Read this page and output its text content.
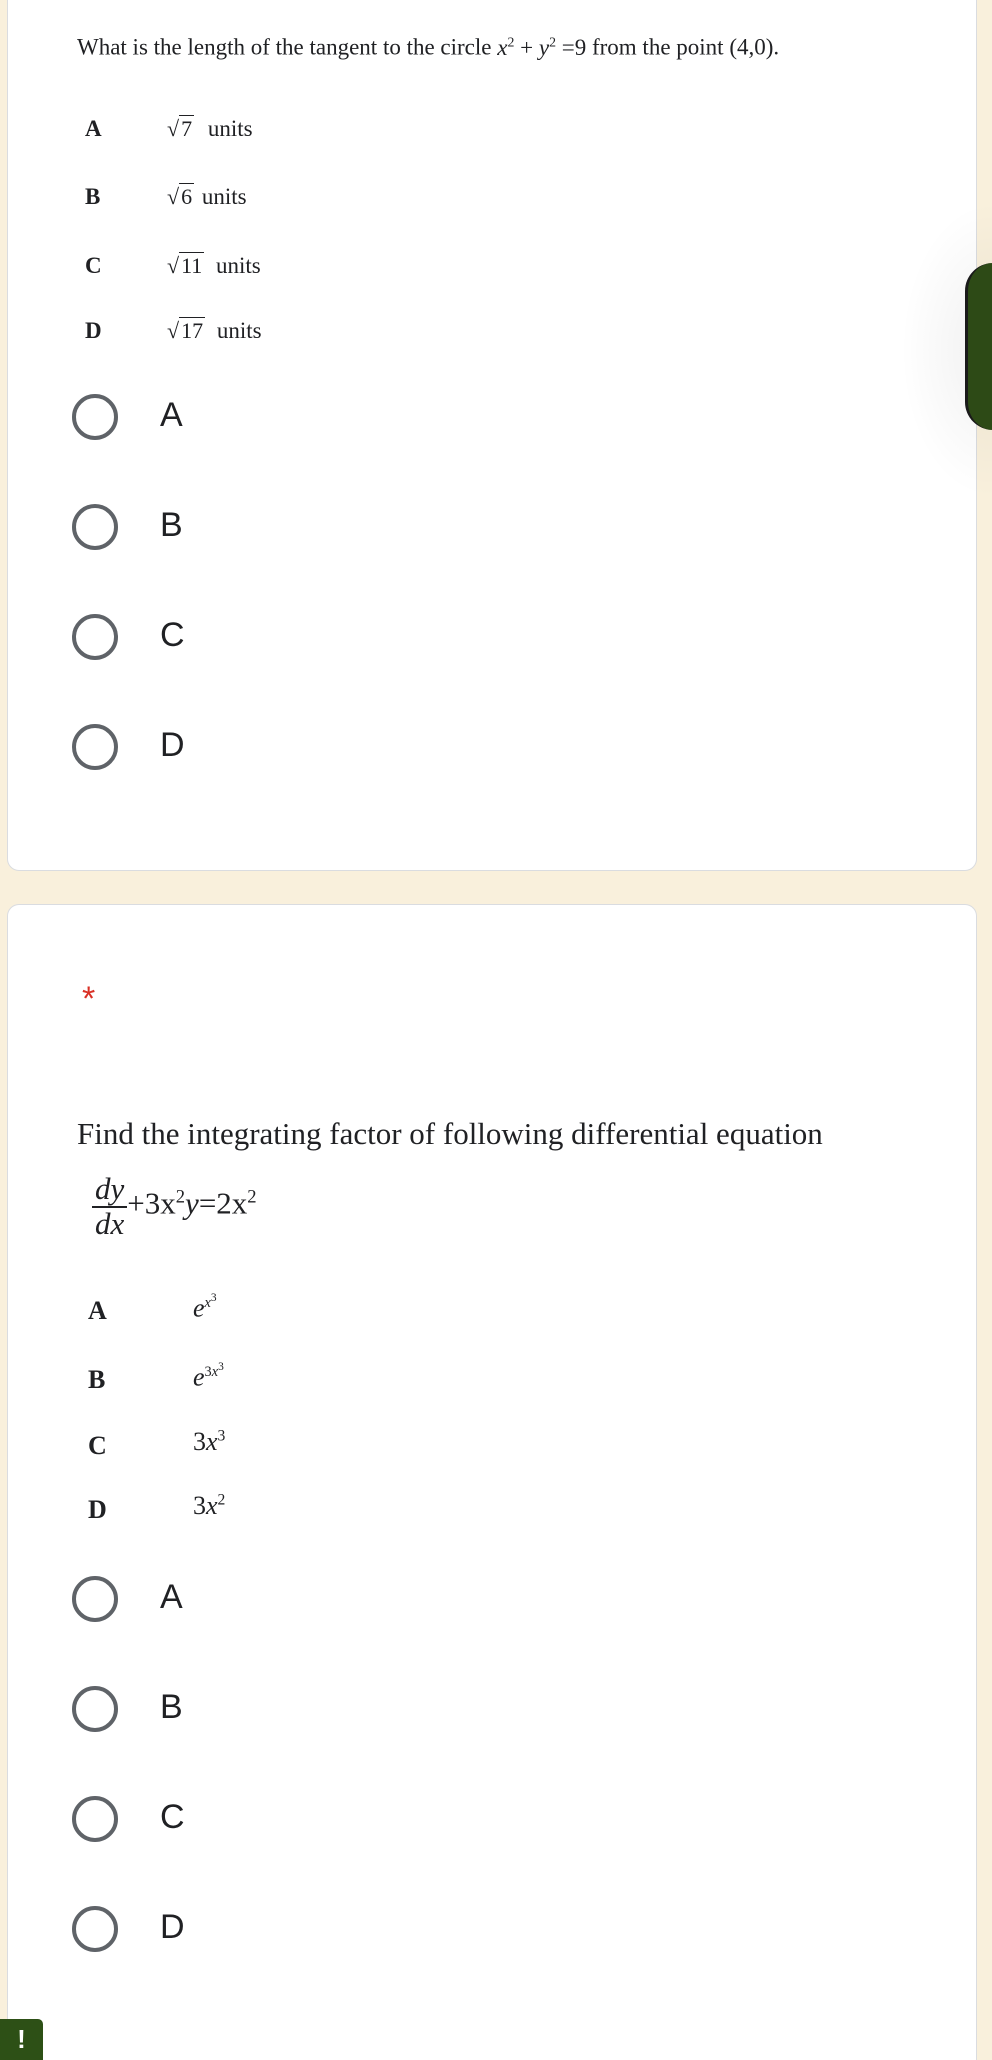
What is the length of the tangent to the circle $x^2 + y^2 =9$ from the point (4,0).
A	√7 units
B	√6 units
C	√11 units
D	√17 units
A
B
C
D
*
Find the integrating factor of following differential equation
$\frac{dy}{dx} +3x^2y=2x^2$
A	$e^{x^3}$
B	$e^{3x^3}$
C	$3x^3$
D	$3x^2$
A
B
C
D
!
